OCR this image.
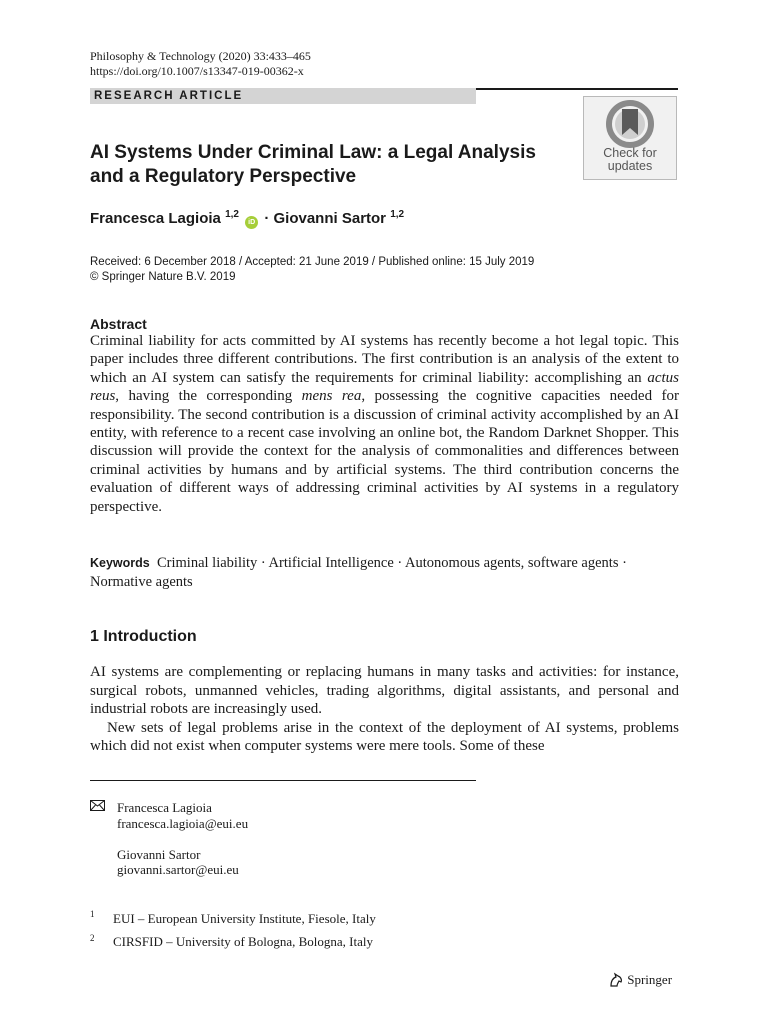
Philosophy & Technology (2020) 33:433–465
https://doi.org/10.1007/s13347-019-00362-x
RESEARCH ARTICLE
Check for
updates
AI Systems Under Criminal Law: a Legal Analysis and a Regulatory Perspective
Francesca Lagioia $^{1,2}$ iD · Giovanni Sartor $^{1,2}$
Received: 6 December 2018 / Accepted: 21 June 2019 / Published online: 15 July 2019
© Springer Nature B.V. 2019
Abstract
Criminal liability for acts committed by AI systems has recently become a hot legal topic. This paper includes three different contributions. The first contribution is an analysis of the extent to which an AI system can satisfy the requirements for criminal liability: accomplishing an actus reus, having the corresponding mens rea, possessing the cognitive capacities needed for responsibility. The second contribution is a discussion of criminal activity accomplished by an AI entity, with reference to a recent case involving an online bot, the Random Darknet Shopper. This discussion will provide the context for the analysis of commonalities and differences between criminal activities by humans and by artificial systems. The third contribution concerns the evaluation of different ways of addressing criminal activities by AI systems in a regulatory perspective.
Keywords Criminal liability · Artificial Intelligence · Autonomous agents, software agents · Normative agents
1 Introduction

AI systems are complementing or replacing humans in many tasks and activities: for instance, surgical robots, unmanned vehicles, trading algorithms, digital assistants, and personal and industrial robots are increasingly used.

New sets of legal problems arise in the context of the deployment of AI systems, problems which did not exist when computer systems were mere tools. Some of these

Francesca Lagioia
francesca.lagioia@eui.eu
Giovanni Sartor
giovanni.sartor@eui.eu
1 EUI – European University Institute, Fiesole, Italy
2 CIRSFID – University of Bologna, Bologna, Italy
Springer
